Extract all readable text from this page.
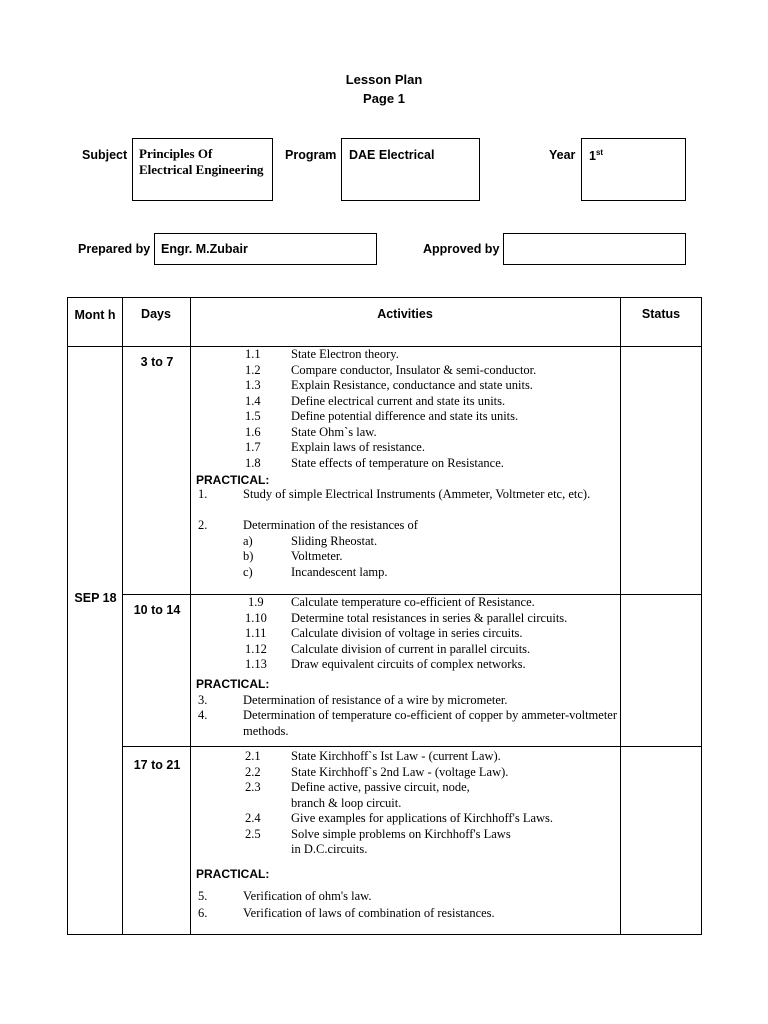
Lesson Plan
Page 1
Subject Principles Of Electrical Engineering
Program	DAE Electrical	Year	1st
Prepared by Engr. M.Zubair	Approved by
Mont h	Days	Activities	Status
SEP 18
3 to 7
1.1 State Electron theory.
1.2 Compare conductor, Insulator & semi-conductor.
1.3 Explain Resistance, conductance and state units.
1.4 Define electrical current and state its units.
1.5 Define potential difference and state its units.
1.6 State Ohm`s law.
1.7 Explain laws of resistance.
1.8 State effects of temperature on Resistance.
PRACTICAL:
1.	Study of simple Electrical Instruments (Ammeter, Voltmeter etc, etc).
2.	Determination of the resistances of
a)	Sliding Rheostat.
b)	Voltmeter.
c)	Incandescent lamp.
10 to 14
1.9 Calculate temperature co-efficient of Resistance.
1.10 Determine total resistances in series & parallel circuits.
1.11 Calculate division of voltage in series circuits.
1.12 Calculate division of current in parallel circuits.
1.13 Draw equivalent circuits of complex networks.
PRACTICAL:
3.	Determination of resistance of a wire by micrometer.
4.	Determination of temperature co-efficient of copper by ammeter-voltmeter methods.
17 to 21
2.1 State Kirchhoff`s Ist Law - (current Law).
2.2 State Kirchhoff`s 2nd Law - (voltage Law).
2.3 Define active, passive circuit, node,
branch & loop circuit.
2.4 Give examples for applications of Kirchhoff's Laws.
2.5 Solve simple problems on Kirchhoff's Laws
in D.C.circuits.
PRACTICAL:
5.	Verification of ohm's law.
6.	Verification of laws of combination of resistances.
